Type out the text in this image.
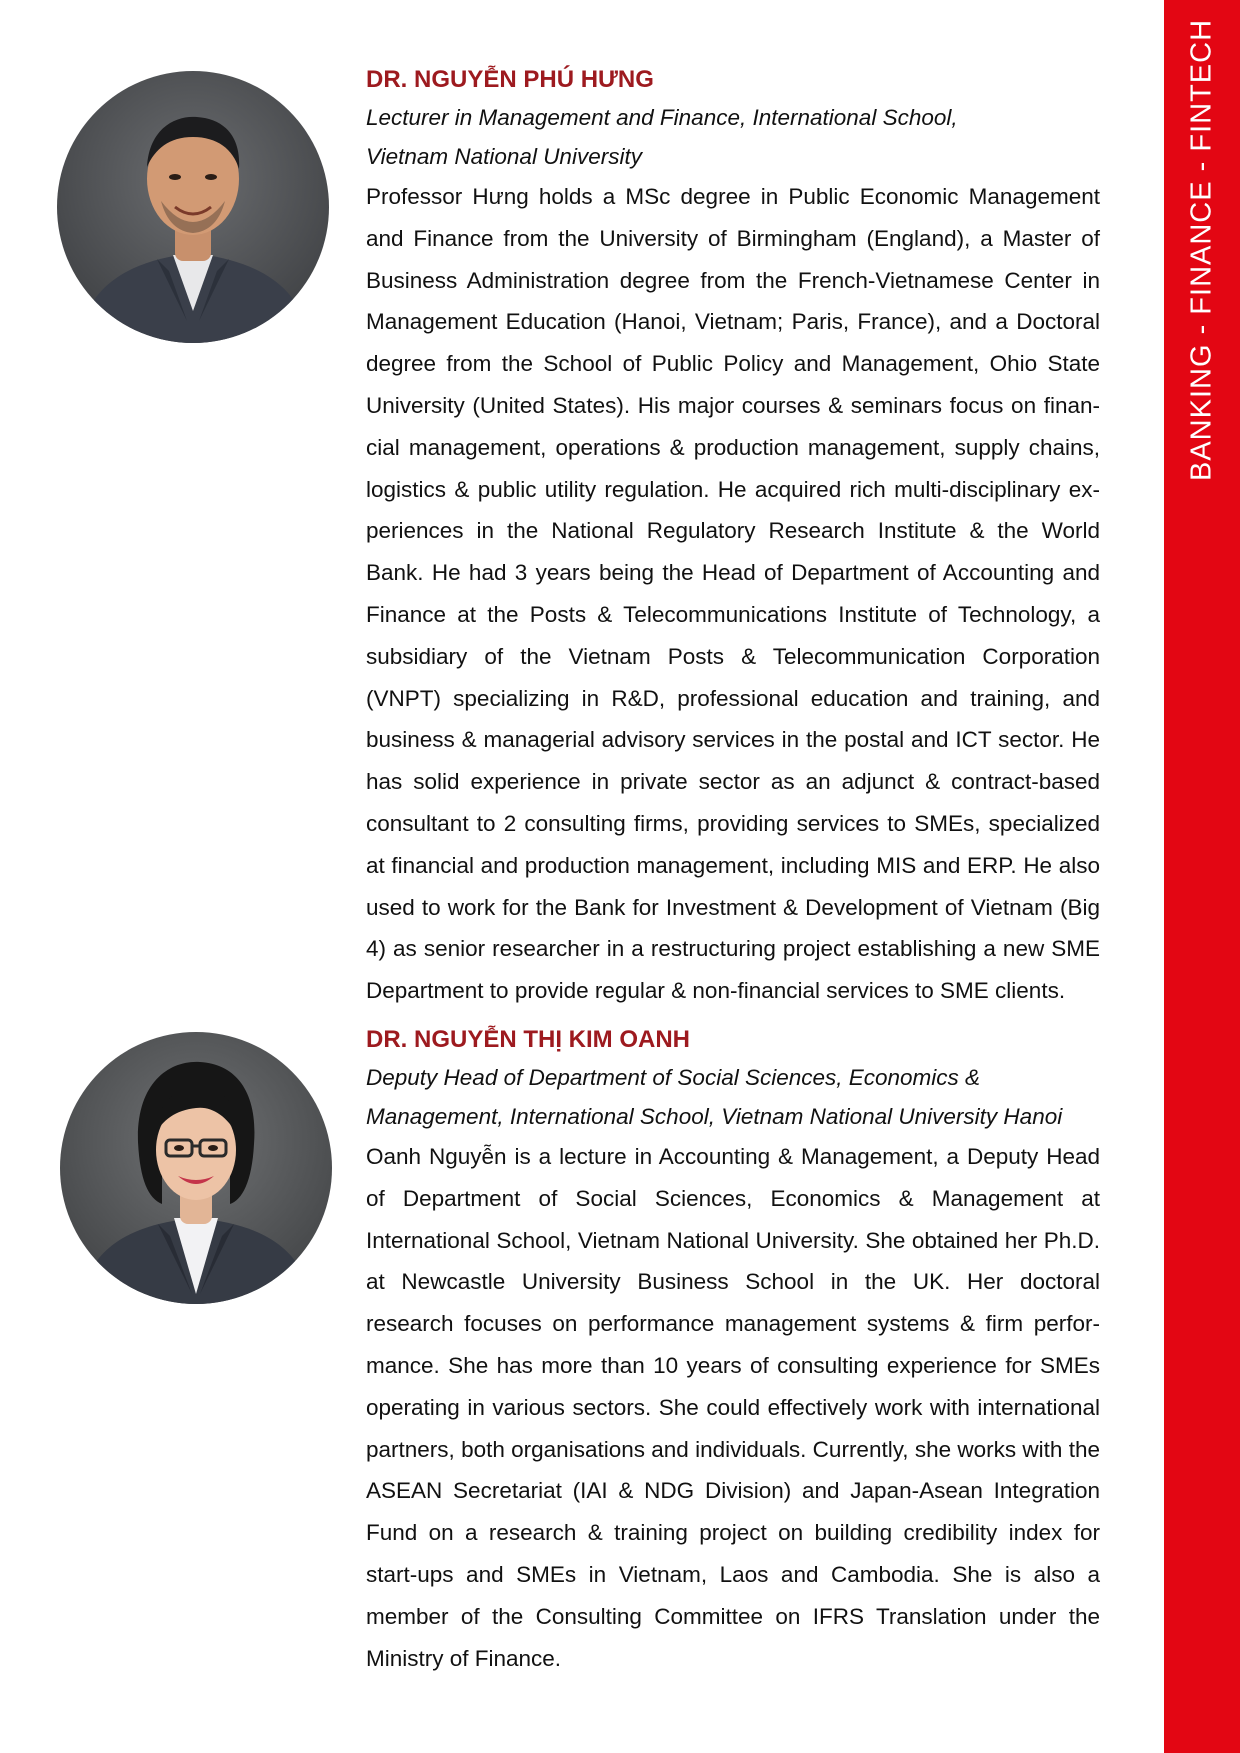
BANKING - FINANCE - FINTECH

DR. NGUYỄN PHÚ HƯNG

Lecturer in Management and Finance, International School,

Vietnam National University

Professor Hưng holds a MSc degree in Public Economic Management and Finance from the University of Birmingham (England), a Master of Business Administration degree from the French-Vietnamese Center in Management Education (Hanoi, Vietnam; Paris, France), and a Doctoral degree from the School of Public Policy and Management, Ohio State University (United States). His major courses & seminars focus on finan-cial management, operations & production management, supply chains, logistics & public utility regulation. He acquired rich multi-disciplinary ex-periences in the National Regulatory Research Institute & the World Bank. He had 3 years being the Head of Department of Accounting and Finance at the Posts & Telecommunications Institute of Technology, a subsidiary of the Vietnam Posts & Telecommunication Corporation (VNPT) specializing in R&D, professional education and training, and business & managerial advisory services in the postal and ICT sector. He has solid experience in private sector as an adjunct & contract-based consultant to 2 consulting firms, providing services to SMEs, specialized at financial and production management, including MIS and ERP. He also used to work for the Bank for Investment & Development of Vietnam (Big 4) as senior researcher in a restructuring project establishing a new SME Department to provide regular & non-financial services to SME clients.

DR. NGUYỄN THỊ KIM OANH

Deputy Head of Department of Social Sciences, Economics &

Management, International School, Vietnam National University Hanoi

Oanh Nguyễn is a lecture in Accounting & Management, a Deputy Head of Department of Social Sciences, Economics & Management at International School, Vietnam National University. She obtained her Ph.D. at Newcastle University Business School in the UK. Her doctoral research focuses on performance management systems & firm perfor-mance. She has more than 10 years of consulting experience for SMEs operating in various sectors. She could effectively work with international partners, both organisations and individuals. Currently, she works with the ASEAN Secretariat (IAI & NDG Division) and Japan-Asean Integration Fund on a research & training project on building credibility index for start-ups and SMEs in Vietnam, Laos and Cambodia. She is also a member of the Consulting Committee on IFRS Translation under the Ministry of Finance.
